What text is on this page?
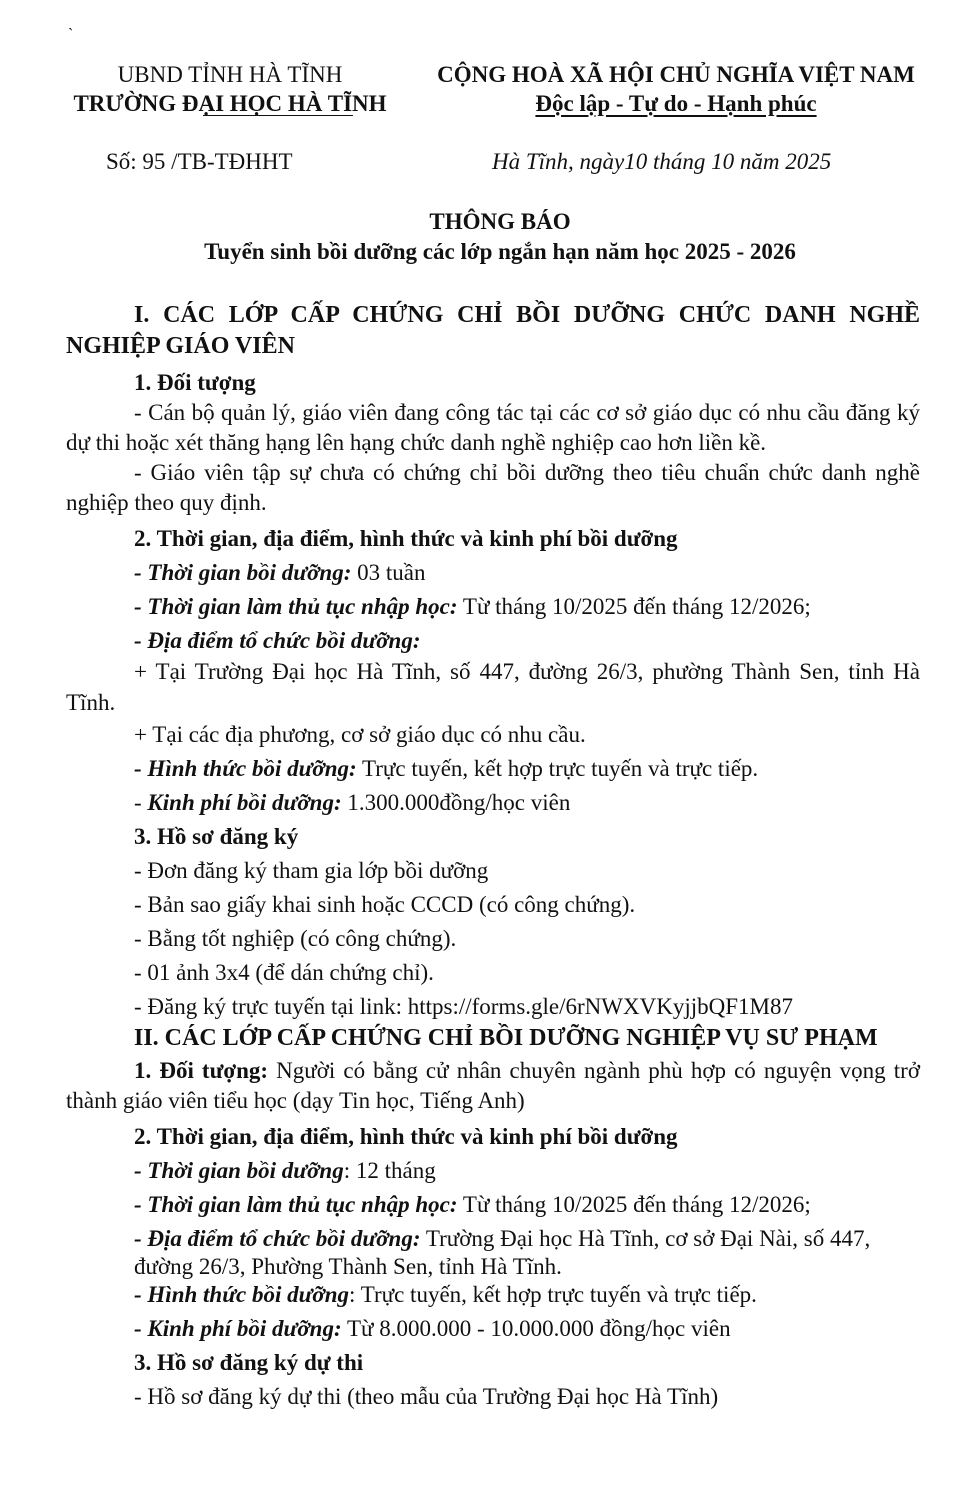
`
UBND TỈNH HÀ TĨNH
TRƯỜNG ĐẠI HỌC HÀ TĨNH
CỘNG HOÀ XÃ HỘI CHỦ NGHĨA VIỆT NAM
Độc lập - Tự do - Hạnh phúc
Số: 95 /TB-TĐHHT	Hà Tĩnh, ngày10 tháng 10 năm 2025
THÔNG BÁO
Tuyển sinh bồi dưỡng các lớp ngắn hạn năm học 2025 - 2026
I. CÁC LỚP CẤP CHỨNG CHỈ BỒI DƯỠNG CHỨC DANH NGHỀ NGHIỆP GIÁO VIÊN
1. Đối tượng
- Cán bộ quản lý, giáo viên đang công tác tại các cơ sở giáo dục có nhu cầu đăng ký dự thi hoặc xét thăng hạng lên hạng chức danh nghề nghiệp cao hơn liền kề.
- Giáo viên tập sự chưa có chứng chỉ bồi dưỡng theo tiêu chuẩn chức danh nghề nghiệp theo quy định.
2. Thời gian, địa điểm, hình thức và kinh phí bồi dưỡng
- Thời gian bồi dưỡng: 03 tuần
- Thời gian làm thủ tục nhập học: Từ tháng 10/2025 đến tháng 12/2026;
- Địa điểm tổ chức bồi dưỡng:
+ Tại Trường Đại học Hà Tĩnh, số 447, đường 26/3, phường Thành Sen, tỉnh Hà Tĩnh.
+ Tại các địa phương, cơ sở giáo dục có nhu cầu.
- Hình thức bồi dưỡng: Trực tuyến, kết hợp trực tuyến và trực tiếp.
- Kinh phí bồi dưỡng: 1.300.000đồng/học viên
3. Hồ sơ đăng ký
- Đơn đăng ký tham gia lớp bồi dưỡng
- Bản sao giấy khai sinh hoặc CCCD (có công chứng).
- Bằng tốt nghiệp (có công chứng).
- 01 ảnh 3x4 (để dán chứng chỉ).
- Đăng ký trực tuyến tại link: https://forms.gle/6rNWXVKyjjbQF1M87
II. CÁC LỚP CẤP CHỨNG CHỈ BỒI DƯỠNG NGHIỆP VỤ SƯ PHẠM
1. Đối tượng: Người có bằng cử nhân chuyên ngành phù hợp có nguyện vọng trở thành giáo viên tiểu học (dạy Tin học, Tiếng Anh)
2. Thời gian, địa điểm, hình thức và kinh phí bồi dưỡng
- Thời gian bồi dưỡng: 12 tháng
- Thời gian làm thủ tục nhập học: Từ tháng 10/2025 đến tháng 12/2026;
- Địa điểm tổ chức bồi dưỡng: Trường Đại học Hà Tĩnh, cơ sở Đại Nài, số 447,
đường 26/3, Phường Thành Sen, tỉnh Hà Tĩnh.
- Hình thức bồi dưỡng: Trực tuyến, kết hợp trực tuyến và trực tiếp.
- Kinh phí bồi dưỡng: Từ 8.000.000 - 10.000.000 đồng/học viên
3. Hồ sơ đăng ký dự thi
- Hồ sơ đăng ký dự thi (theo mẫu của Trường Đại học Hà Tĩnh)
